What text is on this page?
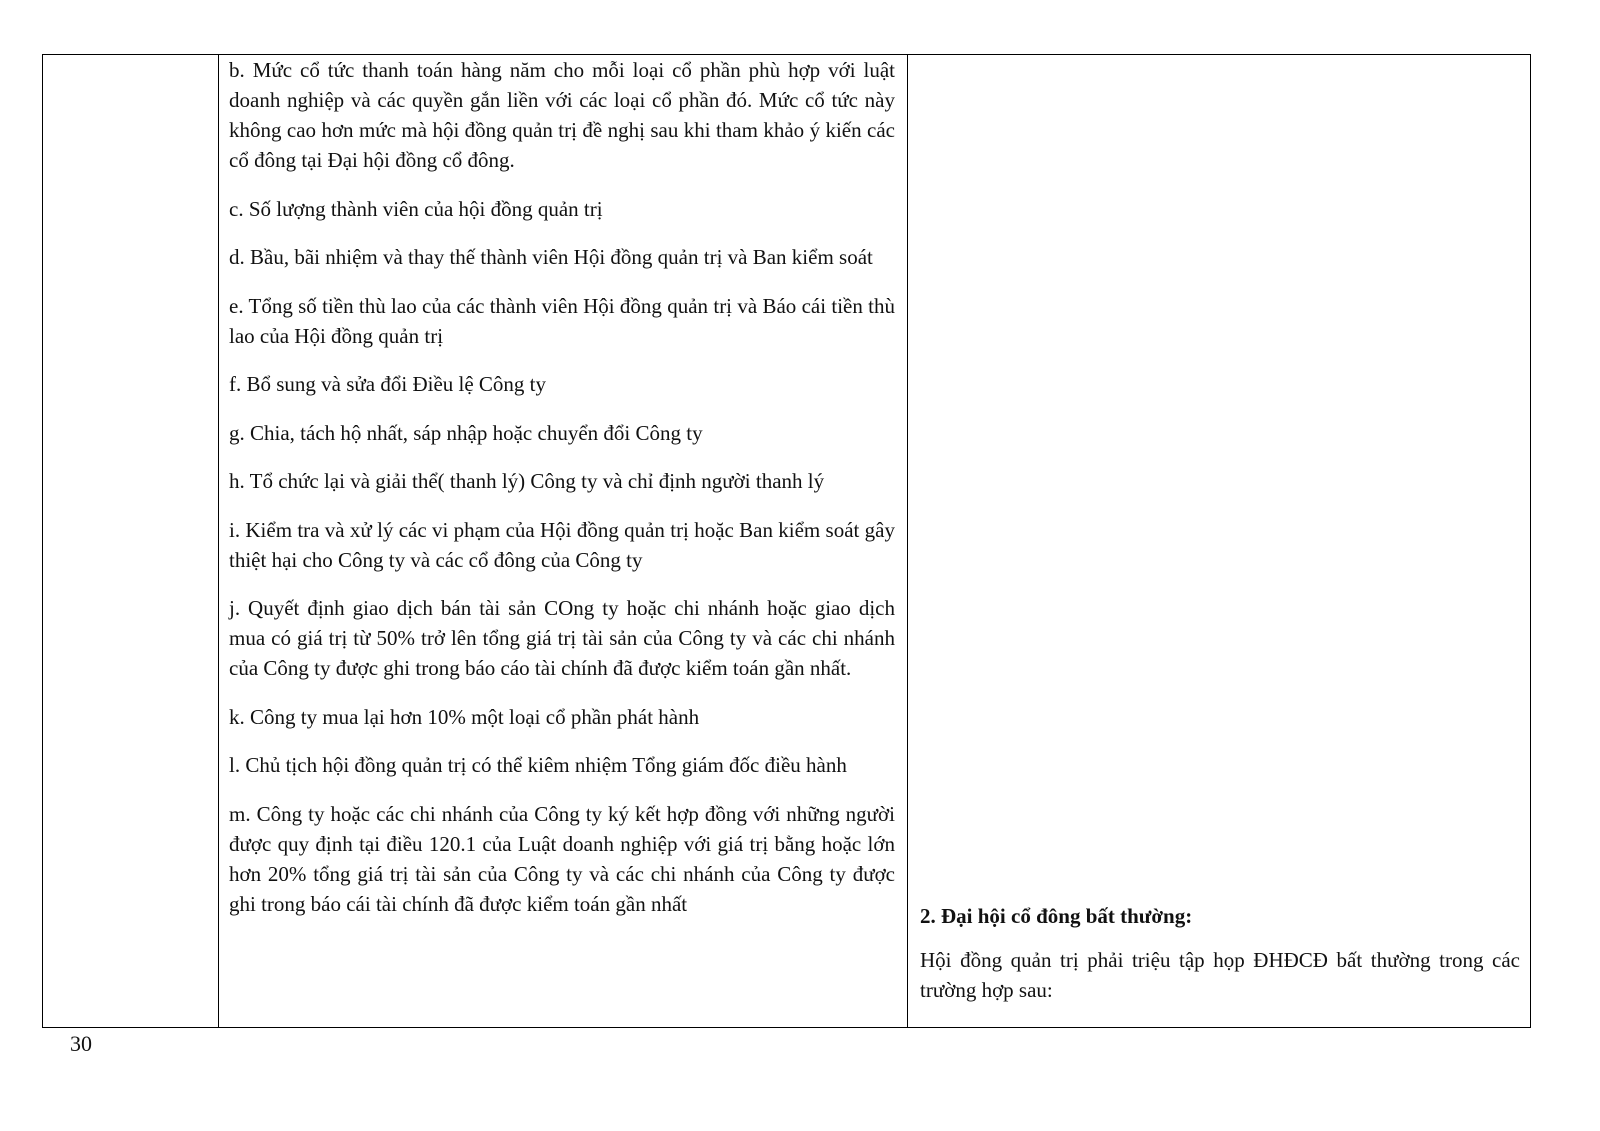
b. Mức cổ tức thanh toán hàng năm cho mỗi loại cổ phần phù hợp với luật doanh nghiệp và các quyền gắn liền với các loại cổ phần đó. Mức cổ tức này không cao hơn mức mà hội đồng quản trị đề nghị sau khi tham khảo ý kiến các cổ đông tại Đại hội đồng cổ đông.

c. Số lượng thành viên của hội đồng quản trị

d. Bầu, bãi nhiệm và thay thế thành viên Hội đồng quản trị và Ban kiểm soát

e. Tổng số tiền thù lao của các thành viên Hội đồng quản trị và Báo cái tiền thù lao của Hội đồng quản trị

f. Bổ sung và sửa đổi Điều lệ Công ty

g. Chia, tách hộ nhất, sáp nhập hoặc chuyển đổi Công ty

h. Tổ chức lại và giải thể( thanh lý) Công ty và chỉ định người thanh lý

i. Kiểm tra và xử lý các vi phạm của Hội đồng quản trị hoặc Ban kiểm soát gây thiệt hại cho Công ty và các cổ đông của Công ty

j. Quyết định giao dịch bán tài sản COng ty hoặc chi nhánh hoặc giao dịch mua có giá trị từ 50% trở lên tổng giá trị tài sản của Công ty và các chi nhánh của Công ty được ghi trong báo cáo tài chính đã được kiểm toán gần nhất.

k. Công ty mua lại hơn 10% một loại cổ phần phát hành

l. Chủ tịch hội đồng quản trị có thể kiêm nhiệm Tổng giám đốc điều hành

m. Công ty hoặc các chi nhánh của Công ty ký kết hợp đồng với những người được quy định tại điều 120.1 của Luật doanh nghiệp với giá trị bằng hoặc lớn hơn 20% tổng giá trị tài sản của Công ty và các chi nhánh của Công ty được ghi trong báo cái tài chính đã được kiểm toán gần nhất

2. Đại hội cổ đông bất thường:

Hội đồng quản trị phải triệu tập họp ĐHĐCĐ bất thường trong các trường hợp sau:

30
